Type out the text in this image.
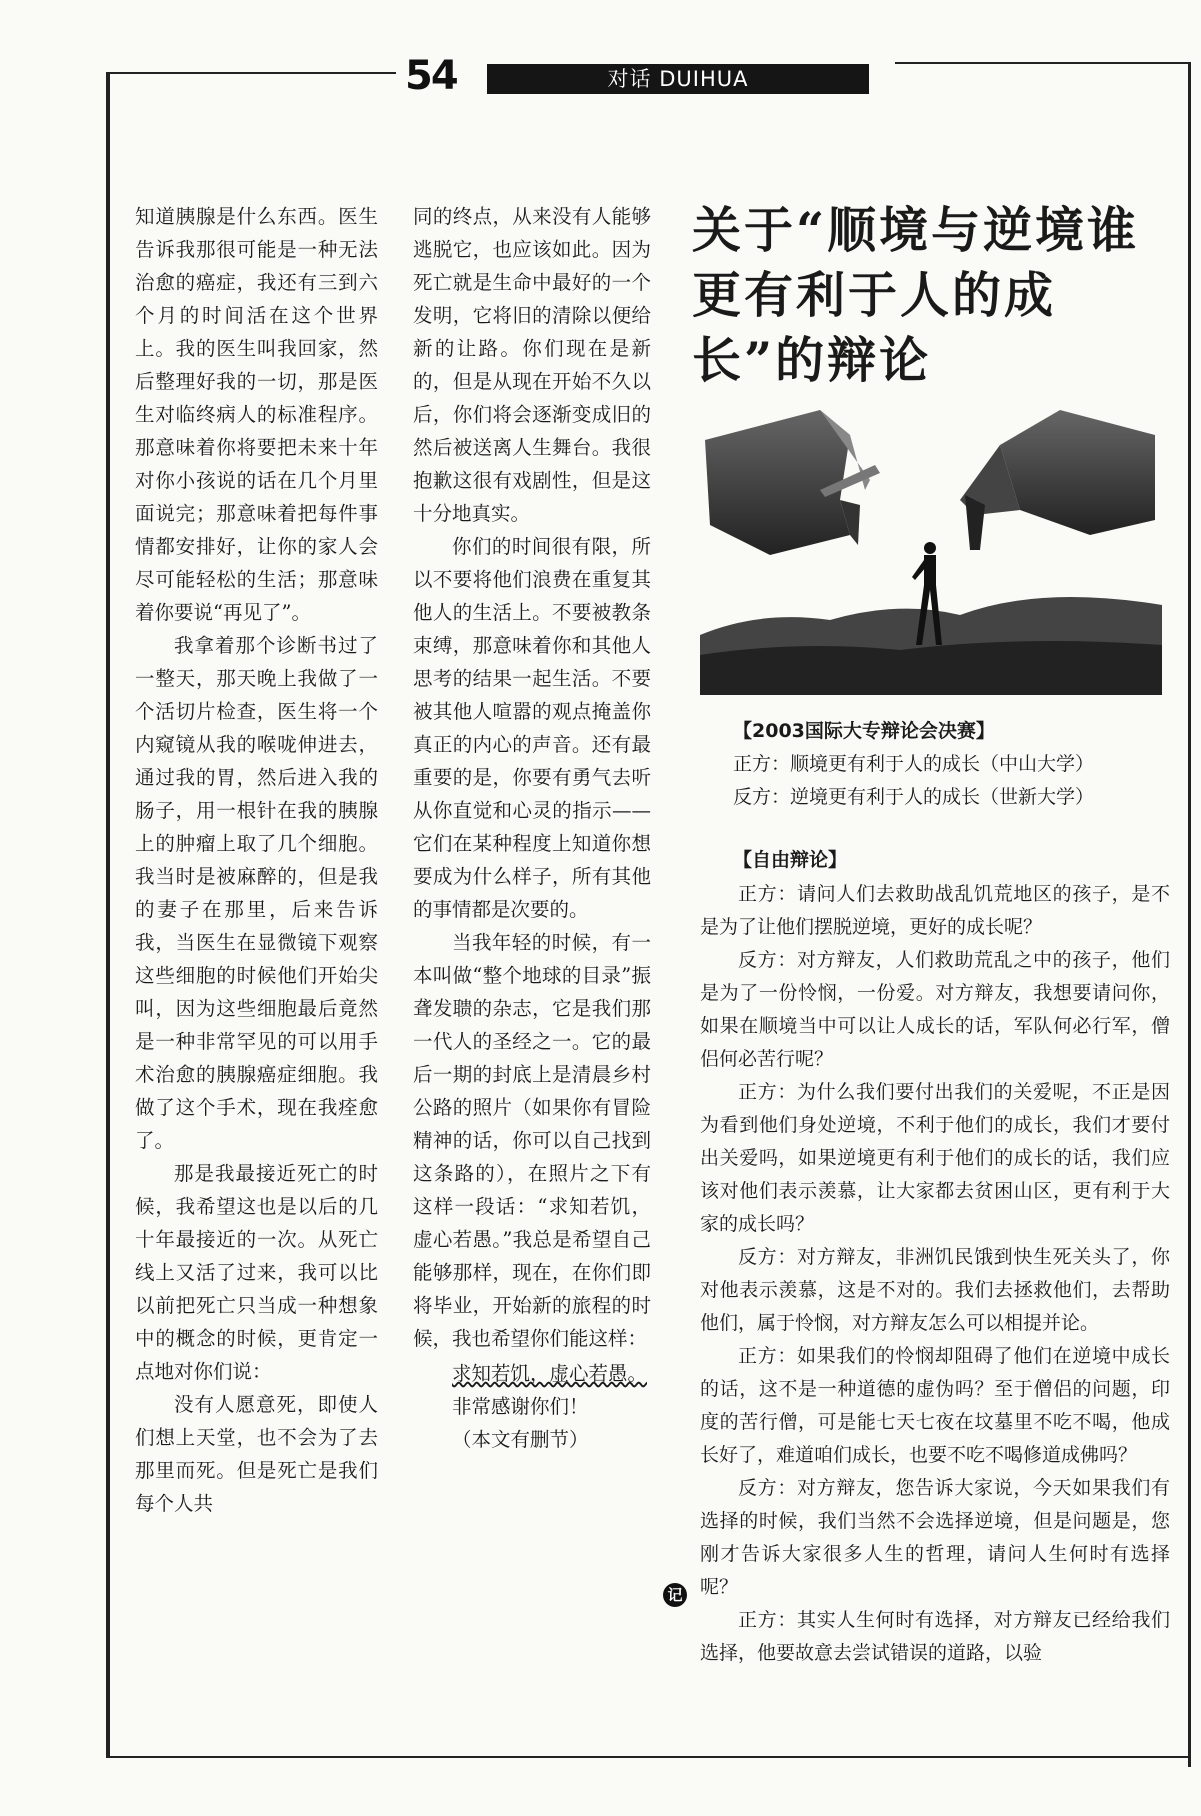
54	对话 DUIHUA

知道胰腺是什么东西。医生告诉我那很可能是一种无法治愈的癌症，我还有三到六个月的时间活在这个世界上。我的医生叫我回家，然后整理好我的一切，那是医生对临终病人的标准程序。那意味着你将要把未来十年对你小孩说的话在几个月里面说完；那意味着把每件事情都安排好，让你的家人会尽可能轻松的生活；那意味着你要说“再见了”。

我拿着那个诊断书过了一整天，那天晚上我做了一个活切片检查，医生将一个内窥镜从我的喉咙伸进去，通过我的胃，然后进入我的肠子，用一根针在我的胰腺上的肿瘤上取了几个细胞。我当时是被麻醉的，但是我的妻子在那里，后来告诉我，当医生在显微镜下观察这些细胞的时候他们开始尖叫，因为这些细胞最后竟然是一种非常罕见的可以用手术治愈的胰腺癌症细胞。我做了这个手术，现在我痊愈了。

那是我最接近死亡的时候，我希望这也是以后的几十年最接近的一次。从死亡线上又活了过来，我可以比以前把死亡只当成一种想象中的概念的时候，更肯定一点地对你们说：

没有人愿意死，即使人们想上天堂，也不会为了去那里而死。但是死亡是我们每个人共

同的终点，从来没有人能够逃脱它，也应该如此。因为死亡就是生命中最好的一个发明，它将旧的清除以便给新的让路。你们现在是新的，但是从现在开始不久以后，你们将会逐渐变成旧的然后被送离人生舞台。我很抱歉这很有戏剧性，但是这十分地真实。

你们的时间很有限，所以不要将他们浪费在重复其他人的生活上。不要被教条束缚，那意味着你和其他人思考的结果一起生活。不要被其他人喧嚣的观点掩盖你真正的内心的声音。还有最重要的是，你要有勇气去听从你直觉和心灵的指示——它们在某种程度上知道你想要成为什么样子，所有其他的事情都是次要的。

当我年轻的时候，有一本叫做“整个地球的目录”振聋发聩的杂志，它是我们那一代人的圣经之一。它的最后一期的封底上是清晨乡村公路的照片（如果你有冒险精神的话，你可以自己找到这条路的），在照片之下有这样一段话：“求知若饥，虚心若愚。”我总是希望自己能够那样，现在，在你们即将毕业，开始新的旅程的时候，我也希望你们能这样：

求知若饥，虚心若愚。

非常感谢你们！

（本文有删节）

记
关于“顺境与逆境谁更有利于人的成长”的辩论
【2003国际大专辩论会决赛】
正方：顺境更有利于人的成长（中山大学）
反方：逆境更有利于人的成长（世新大学）
【自由辩论】

正方：请问人们去救助战乱饥荒地区的孩子，是不是为了让他们摆脱逆境，更好的成长呢？

反方：对方辩友，人们救助荒乱之中的孩子，他们是为了一份怜悯，一份爱。对方辩友，我想要请问你，如果在顺境当中可以让人成长的话，军队何必行军，僧侣何必苦行呢？

正方：为什么我们要付出我们的关爱呢，不正是因为看到他们身处逆境，不利于他们的成长，我们才要付出关爱吗，如果逆境更有利于他们的成长的话，我们应该对他们表示羡慕，让大家都去贫困山区，更有利于大家的成长吗？

反方：对方辩友，非洲饥民饿到快生死关头了，你对他表示羡慕，这是不对的。我们去拯救他们，去帮助他们，属于怜悯，对方辩友怎么可以相提并论。

正方：如果我们的怜悯却阻碍了他们在逆境中成长的话，这不是一种道德的虚伪吗？至于僧侣的问题，印度的苦行僧，可是能七天七夜在坟墓里不吃不喝，他成长好了，难道咱们成长，也要不吃不喝修道成佛吗？

反方：对方辩友，您告诉大家说，今天如果我们有选择的时候，我们当然不会选择逆境，但是问题是，您刚才告诉大家很多人生的哲理，请问人生何时有选择呢？

正方：其实人生何时有选择，对方辩友已经给我们选择，他要故意去尝试错误的道路，以验
